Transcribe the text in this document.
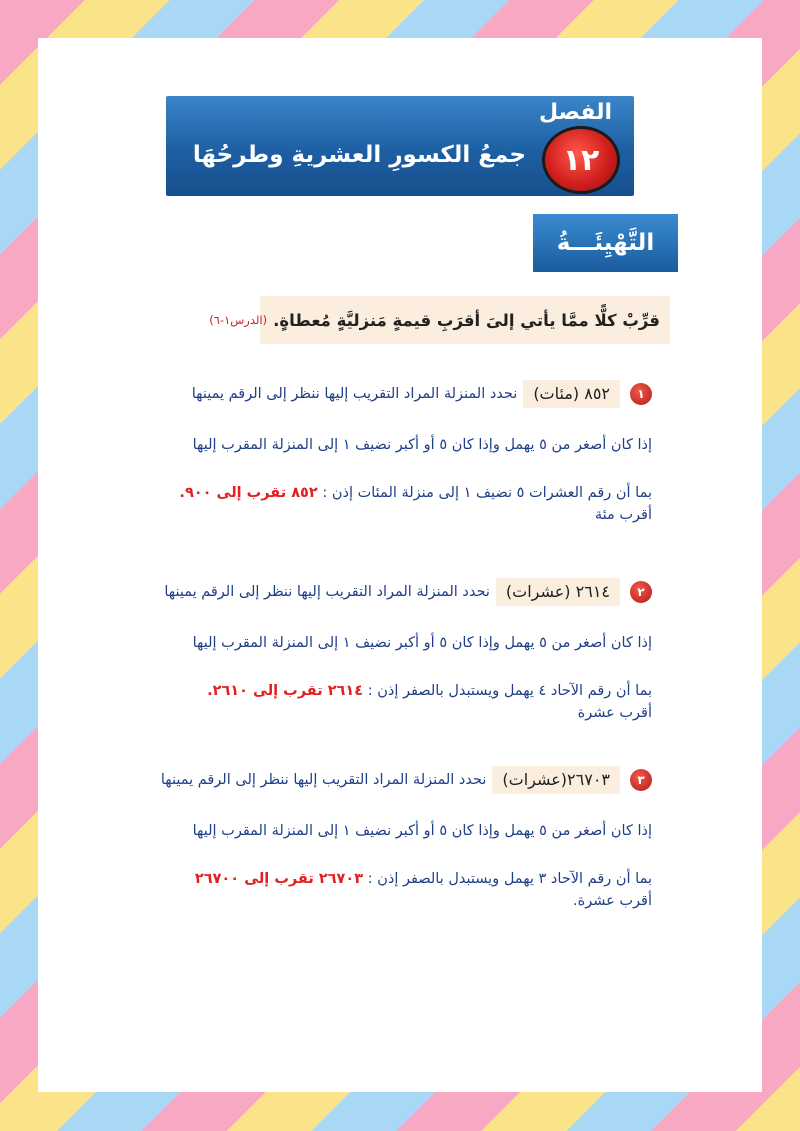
الفصل
١٢
جمعُ الكسورِ العشريةِ وطرحُهَا
التَّهْيِئَـــةُ
قرِّبْ كلًّا ممَّا يأتي إلىَ أقرَبِ قيمةٍ مَنزليَّةٍ مُعطاةٍ.
(الدرس١-٦)
١
٨٥٢ (مئات)
نحدد المنزلة المراد التقريب إليها ننظر إلى الرقم يمينها
إذا كان أصغر من ٥ يهمل وإذا كان ٥ أو أكبر نضيف ١ إلى المنزلة المقرب إليها
بما أن رقم العشرات ٥ نضيف ١ إلى منزلة المئات إذن : ٨٥٢ تقرب إلى ٩٠٠.
أقرب مئة
٢
٢٦١٤ (عشرات)
نحدد المنزلة المراد التقريب إليها ننظر إلى الرقم يمينها
إذا كان أصغر من ٥ يهمل وإذا كان ٥ أو أكبر نضيف ١ إلى المنزلة المقرب إليها
بما أن رقم الآحاد ٤ يهمل ويستبدل بالصفر إذن : ٢٦١٤ تقرب إلى ٢٦١٠.
أقرب عشرة
٣
٢٦٧٠٣(عشرات)
نحدد المنزلة المراد التقريب إليها ننظر إلى الرقم يمينها
إذا كان أصغر من ٥ يهمل وإذا كان ٥ أو أكبر نضيف ١ إلى المنزلة المقرب إليها
بما أن رقم الآحاد ٣ يهمل ويستبدل بالصفر إذن : ٢٦٧٠٣ تقرب إلى ٢٦٧٠٠
أقرب عشرة.
